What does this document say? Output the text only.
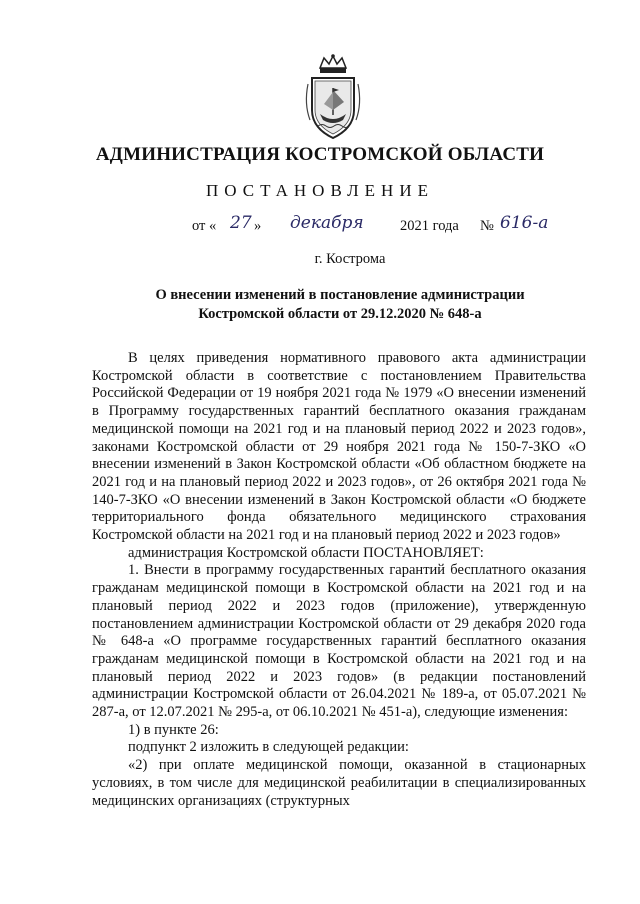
АДМИНИСТРАЦИЯ КОСТРОМСКОЙ ОБЛАСТИ
ПОСТАНОВЛЕНИЕ
от « 27 » декабря	2021 года № 616-а
г. Кострома
О внесении изменений в постановление администрации
Костромской области от 29.12.2020 № 648-а

В целях приведения нормативного правового акта администрации Костромской области в соответствие с постановлением Правительства Российской Федерации от 19 ноября 2021 года № 1979 «О внесении изменений в Программу государственных гарантий бесплатного оказания гражданам медицинской помощи на 2021 год и на плановый период 2022 и 2023 годов», законами Костромской области от 29 ноября 2021 года № 150-7-ЗКО «О внесении изменений в Закон Костромской области «Об областном бюджете на 2021 год и на плановый период 2022 и 2023 годов», от 26 октября 2021 года № 140-7-ЗКО «О внесении изменений в Закон Костромской области «О бюджете территориального фонда обязательного медицинского страхования Костромской области на 2021 год и на плановый период 2022 и 2023 годов»

администрация Костромской области ПОСТАНОВЛЯЕТ:

1. Внести в программу государственных гарантий бесплатного оказания гражданам медицинской помощи в Костромской области на 2021 год и на плановый период 2022 и 2023 годов (приложение), утвержденную постановлением администрации Костромской области от 29 декабря 2020 года № 648-а «О программе государственных гарантий бесплатного оказания гражданам медицинской помощи в Костромской области на 2021 год и на плановый период 2022 и 2023 годов» (в редакции постановлений администрации Костромской области от 26.04.2021 № 189-а, от 05.07.2021 № 287-а, от 12.07.2021 № 295-а, от 06.10.2021 № 451-а), следующие изменения:

1) в пункте 26:

подпункт 2 изложить в следующей редакции:

«2) при оплате медицинской помощи, оказанной в стационарных условиях, в том числе для медицинской реабилитации в специализированных медицинских организациях (структурных
